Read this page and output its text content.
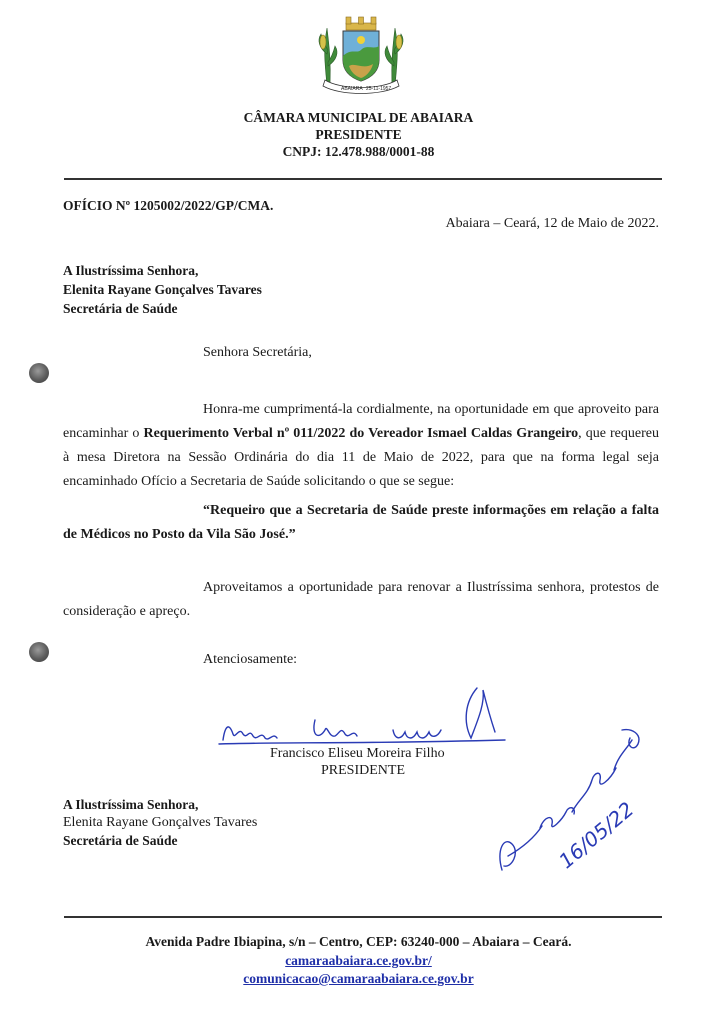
ABAIARA 25-11-1957
CÂMARA MUNICIPAL DE ABAIARA
PRESIDENTE
CNPJ: 12.478.988/0001-88
OFÍCIO Nº 1205002/2022/GP/CMA.
Abaiara – Ceará, 12 de Maio de 2022.
A Ilustríssima Senhora,
Elenita Rayane Gonçalves Tavares
Secretária de Saúde
Senhora Secretária,
Honra-me cumprimentá-la cordialmente, na oportunidade em que aproveito para encaminhar o Requerimento Verbal nº 011/2022 do Vereador Ismael Caldas Grangeiro, que requereu à mesa Diretora na Sessão Ordinária do dia 11 de Maio de 2022, para que na forma legal seja encaminhado Ofício a Secretaria de Saúde solicitando o que se segue:
“Requeiro que a Secretaria de Saúde preste informações em relação a falta de Médicos no Posto da Vila São José.”
Aproveitamos a oportunidade para renovar a Ilustríssima senhora, protestos de consideração e apreço.
Atenciosamente:
Francisco Eliseu Moreira Filho
PRESIDENTE
A Ilustríssima Senhora,
Elenita Rayane Gonçalves Tavares
Secretária de Saúde	16/05/22
Avenida Padre Ibiapina, s/n – Centro, CEP: 63240-000 – Abaiara – Ceará.
camaraabaiara.ce.gov.br/
comunicacao@camaraabaiara.ce.gov.br
